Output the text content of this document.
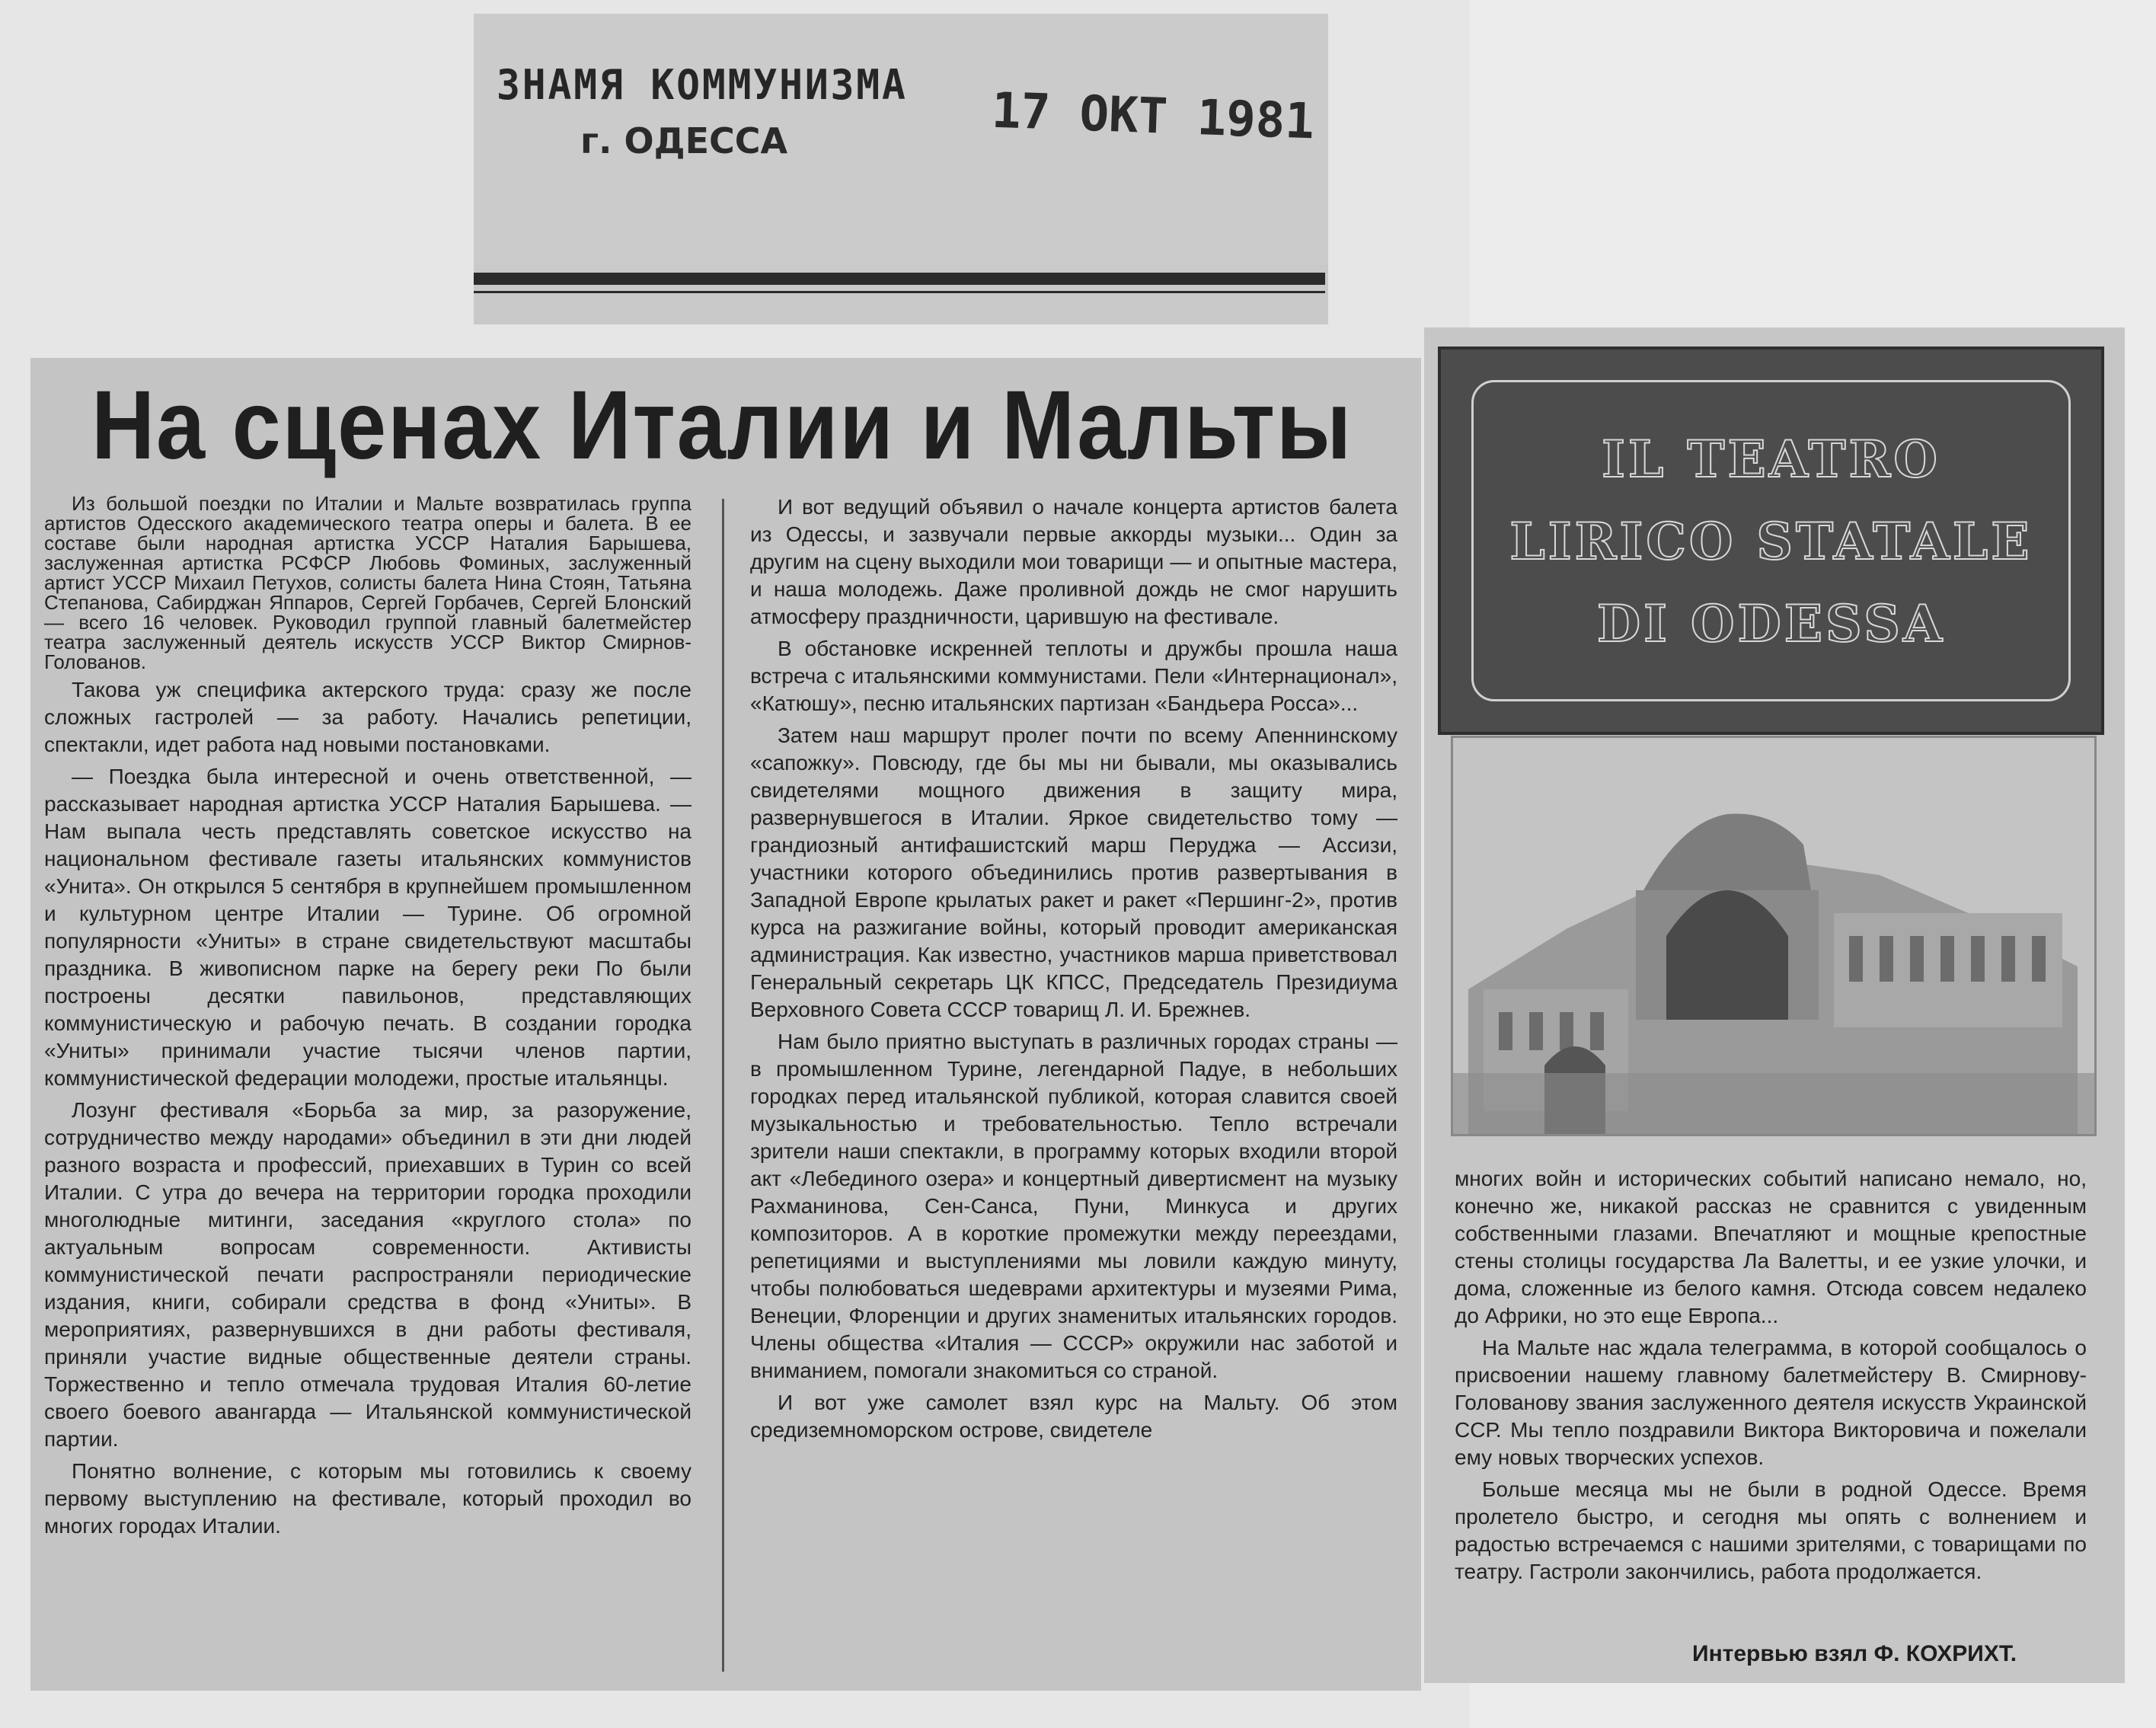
ЗНАМЯ КОММУНИЗМА
г. ОДЕССА	17 ОКТ 1981
На сценах Италии и Мальты

Из большой поездки по Италии и Мальте возвратилась группа артистов Одесского академического театра оперы и балета. В ее составе были народная артистка УССР Наталия Барышева, заслуженная артистка РСФСР Любовь Фоминых, заслуженный артист УССР Михаил Петухов, солисты балета Нина Стоян, Татьяна Степанова, Сабирджан Яппаров, Сергей Горбачев, Сергей Блонский — всего 16 человек. Руководил группой главный балетмейстер театра заслуженный деятель искусств УССР Виктор Смирнов-Голованов.

Такова уж специфика актерского труда: сразу же после сложных гастролей — за работу. Начались репетиции, спектакли, идет работа над новыми постановками.

— Поездка была интересной и очень ответственной, — рассказывает народная артистка УССР Наталия Барышева. — Нам выпала честь представлять советское искусство на национальном фестивале газеты итальянских коммунистов «Унита». Он открылся 5 сентября в крупнейшем промышленном и культурном центре Италии — Турине. Об огромной популярности «Униты» в стране свидетельствуют масштабы праздника. В живописном парке на берегу реки По были построены десятки павильонов, представляющих коммунистическую и рабочую печать. В создании городка «Униты» принимали участие тысячи членов партии, коммунистической федерации молодежи, простые итальянцы.

Лозунг фестиваля «Борьба за мир, за разоружение, сотрудничество между народами» объединил в эти дни людей разного возраста и профессий, приехавших в Турин со всей Италии. С утра до вечера на территории городка проходили многолюдные митинги, заседания «круглого стола» по актуальным вопросам современности. Активисты коммунистической печати распространяли периодические издания, книги, собирали средства в фонд «Униты». В мероприятиях, развернувшихся в дни работы фестиваля, приняли участие видные общественные деятели страны. Торжественно и тепло отмечала трудовая Италия 60-летие своего боевого авангарда — Итальянской коммунистической партии.

Понятно волнение, с которым мы готовились к своему первому выступлению на фестивале, который проходил во многих городах Италии.

И вот ведущий объявил о начале концерта артистов балета из Одессы, и зазвучали первые аккорды музыки... Один за другим на сцену выходили мои товарищи — и опытные мастера, и наша молодежь. Даже проливной дождь не смог нарушить атмосферу праздничности, царившую на фестивале.

В обстановке искренней теплоты и дружбы прошла наша встреча с итальянскими коммунистами. Пели «Интернационал», «Катюшу», песню итальянских партизан «Бандьера Росса»...

Затем наш маршрут пролег почти по всему Апеннинскому «сапожку». Повсюду, где бы мы ни бывали, мы оказывались свидетелями мощного движения в защиту мира, развернувшегося в Италии. Яркое свидетельство тому — грандиозный антифашистский марш Перуджа — Ассизи, участники которого объединились против развертывания в Западной Европе крылатых ракет и ракет «Першинг-2», против курса на разжигание войны, который проводит американская администрация. Как известно, участников марша приветствовал Генеральный секретарь ЦК КПСС, Председатель Президиума Верховного Совета СССР товарищ Л. И. Брежнев.

Нам было приятно выступать в различных городах страны — в промышленном Турине, легендарной Падуе, в небольших городках перед итальянской публикой, которая славится своей музыкальностью и требовательностью. Тепло встречали зрители наши спектакли, в программу которых входили второй акт «Лебединого озера» и концертный дивертисмент на музыку Рахманинова, Сен-Санса, Пуни, Минкуса и других композиторов. А в короткие промежутки между переездами, репетициями и выступлениями мы ловили каждую минуту, чтобы полюбоваться шедеврами архитектуры и музеями Рима, Венеции, Флоренции и других знаменитых итальянских городов. Члены общества «Италия — СССР» окружили нас заботой и вниманием, помогали знакомиться со страной.

И вот уже самолет взял курс на Мальту. Об этом средиземноморском острове, свидетеле

IL TEATRO
LIRICO STATALE
DI ODESSA

многих войн и исторических событий написано немало, но, конечно же, никакой рассказ не сравнится с увиденным собственными глазами. Впечатляют и мощные крепостные стены столицы государства Ла Валетты, и ее узкие улочки, и дома, сложенные из белого камня. Отсюда совсем недалеко до Африки, но это еще Европа...

На Мальте нас ждала телеграмма, в которой сообщалось о присвоении нашему главному балетмейстеру В. Смирнову-Голованову звания заслуженного деятеля искусств Украинской ССР. Мы тепло поздравили Виктора Викторовича и пожелали ему новых творческих успехов.

Больше месяца мы не были в родной Одессе. Время пролетело быстро, и сегодня мы опять с волнением и радостью встречаемся с нашими зрителями, с товарищами по театру. Гастроли закончились, работа продолжается.

Интервью взял Ф. КОХРИХТ.
